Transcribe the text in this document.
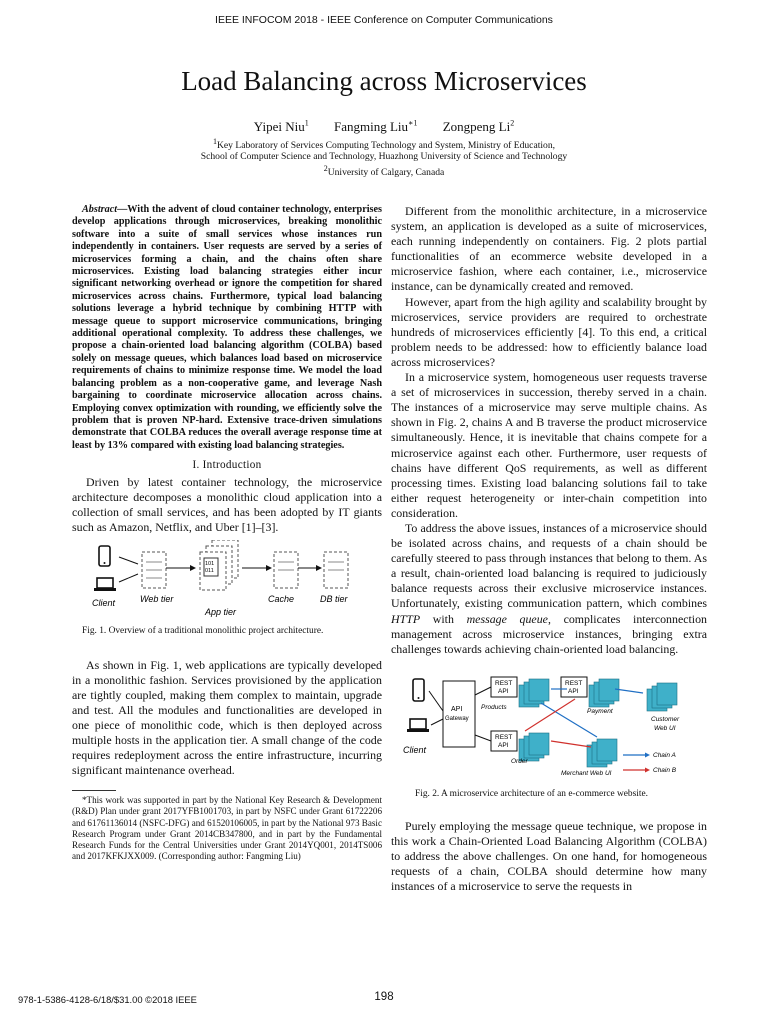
IEEE INFOCOM 2018 - IEEE Conference on Computer Communications
Load Balancing across Microservices
Yipei Niu$^1$ Fangming Liu$^{∗1}$ Zongpeng Li$^2$
$^1$Key Laboratory of Services Computing Technology and System, Ministry of Education,
School of Computer Science and Technology, Huazhong University of Science and Technology
$^2$University of Calgary, Canada

Abstract—With the advent of cloud container technology, enterprises develop applications through microservices, breaking monolithic software into a suite of small services whose instances run independently in containers. User requests are served by a series of microservices forming a chain, and the chains often share microservices. Existing load balancing strategies either incur significant networking overhead or ignore the competition for shared microservices across chains. Furthermore, typical load balancing solutions leverage a hybrid technique by combining HTTP with message queue to support microservice communications, bringing additional operational complexity. To address these challenges, we propose a chain-oriented load balancing algorithm (COLBA) based solely on message queues, which balances load based on microservice requirements of chains to minimize response time. We model the load balancing problem as a non-cooperative game, and leverage Nash bargaining to coordinate microservice allocation across chains. Employing convex optimization with rounding, we efficiently solve the problem that is proven NP-hard. Extensive trace-driven simulations demonstrate that COLBA reduces the overall average response time at least by 13% compared with existing load balancing strategies.

I. Introduction

Driven by latest container technology, the microservice architecture decomposes a monolithic cloud application into a collection of small services, and has been adopted by IT giants such as Amazon, Netflix, and Uber [1]–[3].

101
011
Client	Web tier
App tier
Cache	DB tier

Fig. 1. Overview of a traditional monolithic project architecture.

As shown in Fig. 1, web applications are typically developed in a monolithic fashion. Services provisioned by the application are tightly coupled, making them complex to maintain, upgrade and test. All the modules and functionalities are developed in one piece of monolithic code, which is then deployed across multiple hosts in the application tier. A small change of the code requires redeployment across the entire infrastructure, incurring significant maintenance overhead.

*This work was supported in part by the National Key Research & Development (R&D) Plan under grant 2017YFB1001703, in part by NSFC under Grant 61722206 and 61761136014 (NSFC-DFG) and 61520106005, in part by the National 973 Basic Research Program under Grant 2014CB347800, and in part by the Fundamental Research Funds for the Central Universities under Grant 2014YQ001, 2014TS006 and 2017KFKJXX009. (Corresponding author: Fangming Liu)

Different from the monolithic architecture, in a microservice system, an application is developed as a suite of microservices, each running independently on containers. Fig. 2 plots partial functionalities of an ecommerce website developed in a microservice fashion, where each container, i.e., microservice instance, can be dynamically created and removed.

However, apart from the high agility and scalability brought by microservices, service providers are required to orchestrate hundreds of microservices efficiently [4]. To this end, a critical problem needs to be addressed: how to efficiently balance load across microservices?

In a microservice system, homogeneous user requests traverse a set of microservices in succession, thereby served in a chain. The instances of a microservice may serve multiple chains. As shown in Fig. 2, chains A and B traverse the product microservice simultaneously. Hence, it is inevitable that chains compete for a microservice against each other. Furthermore, user requests of chains have different QoS requirements, as well as different processing times. Existing load balancing solutions fail to take either request heterogeneity or inter-chain competition into consideration.

To address the above issues, instances of a microservice should be isolated across chains, and requests of a chain should be carefully steered to pass through instances that belong to them. As a result, chain-oriented load balancing is required to judiciously balance requests across their exclusive microservice instances. Unfortunately, existing communication pattern, which combines HTTP with message queue, complicates interconnection management across microservice instances, bringing extra challenges towards achieving chain-oriented load balancing.

Client
API
Gateway
REST
API
REST
API
REST
API
Products
Payment
Customer
Web UI
Order
Merchant Web UI
Chain A
Chain B

Fig. 2. A microservice architecture of an e-commerce website.

Purely employing the message queue technique, we propose in this work a Chain-Oriented Load Balancing Algorithm (COLBA) to address the above challenges. On one hand, for homogeneous requests of a chain, COLBA should determine how many instances of a microservice to serve the requests in

978-1-5386-4128-6/18/$31.00 ©2018 IEEE	198
